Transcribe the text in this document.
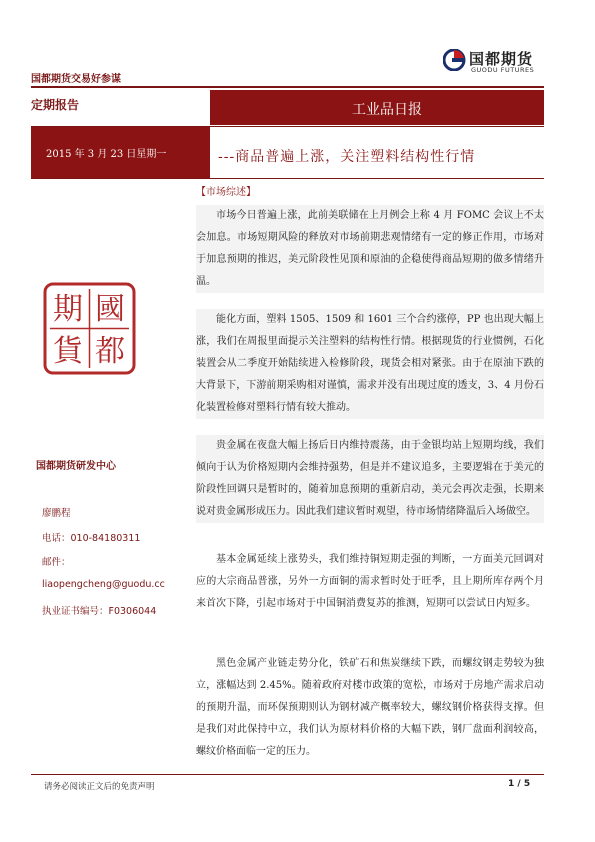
国都期货交易好参谋
国都期货
GUODU FUTURES
定期报告	工业品日报
2015 年 3 月 23 日星期一	---商品普遍上涨，关注塑料结构性行情
國
都
期
貨
国都期货研发中心
廖鹏程
电话：010-84180311
邮件：
liaopengcheng@guodu.cc
执业证书编号：F0306044
【市场综述】

市场今日普遍上涨，此前美联储在上月例会上称 4 月 FOMC 会议上不太会加息。市场短期风险的释放对市场前期悲观情绪有一定的修正作用，市场对于加息预期的推迟，美元阶段性见顶和原油的企稳使得商品短期的做多情绪升温。

能化方面，塑料 1505、1509 和 1601 三个合约涨停，PP 也出现大幅上涨，我们在周报里面提示关注塑料的结构性行情。根据现货的行业惯例，石化装置会从二季度开始陆续进入检修阶段，现货会相对紧张。由于在原油下跌的大背景下，下游前期采购相对谨慎，需求并没有出现过度的透支，3、4 月份石化装置检修对塑料行情有较大推动。

贵金属在夜盘大幅上扬后日内维持震荡，由于金银均站上短期均线，我们倾向于认为价格短期内会维持强势，但是并不建议追多，主要逻辑在于美元的阶段性回调只是暂时的，随着加息预期的重新启动，美元会再次走强，长期来说对贵金属形成压力。因此我们建议暂时观望，待市场情绪降温后入场做空。

基本金属延续上涨势头，我们维持铜短期走强的判断，一方面美元回调对应的大宗商品普涨，另外一方面铜的需求暂时处于旺季，且上期所库存两个月来首次下降，引起市场对于中国铜消费复苏的推测，短期可以尝试日内短多。

黑色金属产业链走势分化，铁矿石和焦炭继续下跌，而螺纹钢走势较为独立，涨幅达到 2.45%。随着政府对楼市政策的宽松，市场对于房地产需求启动的预期升温，而环保预期则认为钢材减产概率较大，螺纹钢价格获得支撑。但是我们对此保持中立，我们认为原材料价格的大幅下跌，钢厂盘面利润较高，螺纹价格面临一定的压力。

请务必阅读正文后的免责声明	1 / 5
